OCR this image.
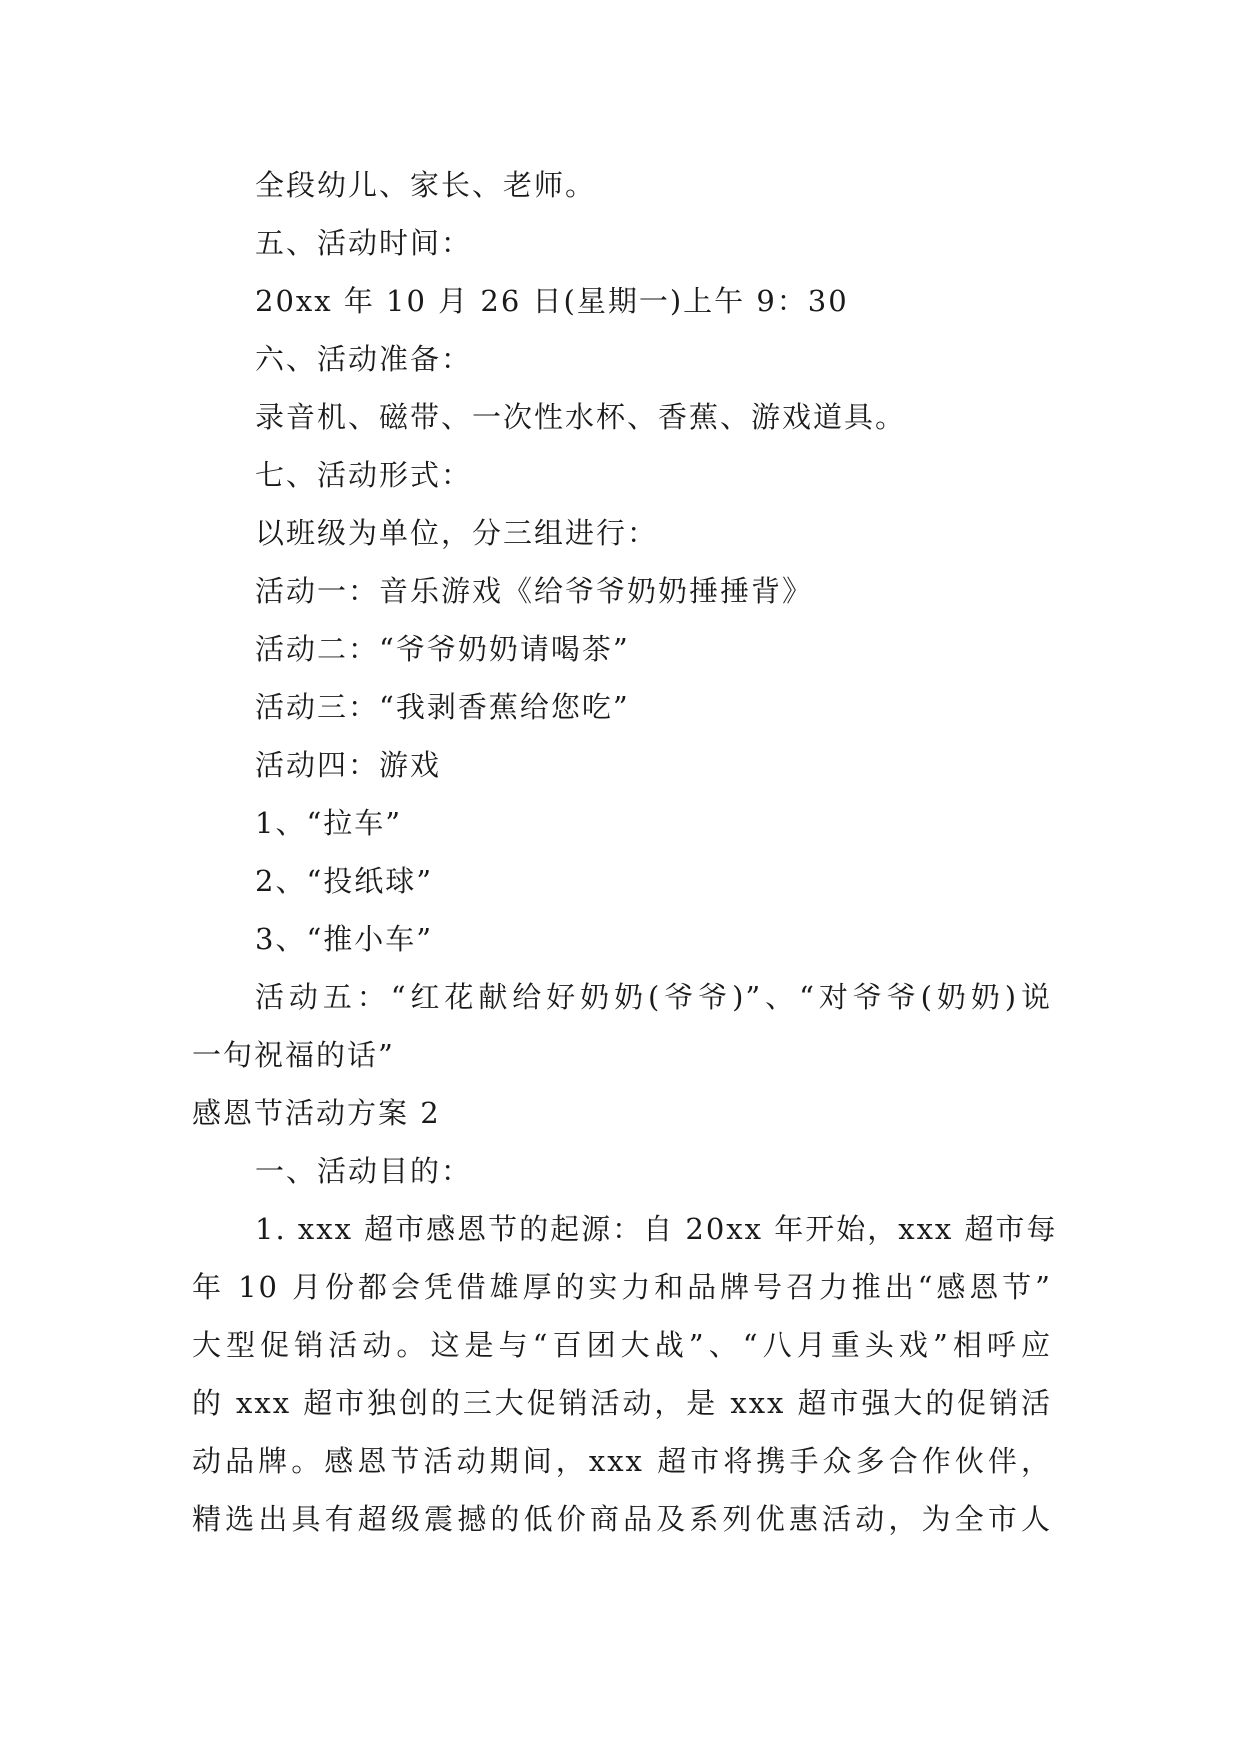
全段幼儿、家长、老师。
五、活动时间：
20xx 年 10 月 26 日(星期一)上午 9：30
六、活动准备：
录音机、磁带、一次性水杯、香蕉、游戏道具。
七、活动形式：
以班级为单位，分三组进行：
活动一：音乐游戏《给爷爷奶奶捶捶背》
活动二：“爷爷奶奶请喝茶”
活动三：“我剥香蕉给您吃”
活动四：游戏
1、“拉车”
2、“投纸球”
3、“推小车”
活动五：“红花献给好奶奶(爷爷)”、“对爷爷(奶奶)说
一句祝福的话”
感恩节活动方案 2
一、活动目的：
1. xxx 超市感恩节的起源：自 20xx 年开始，xxx 超市每
年 10 月份都会凭借雄厚的实力和品牌号召力推出“感恩节”
大型促销活动。这是与“百团大战”、“八月重头戏”相呼应
的 xxx 超市独创的三大促销活动，是 xxx 超市强大的促销活
动品牌。感恩节活动期间，xxx 超市将携手众多合作伙伴，
精选出具有超级震撼的低价商品及系列优惠活动，为全市人
